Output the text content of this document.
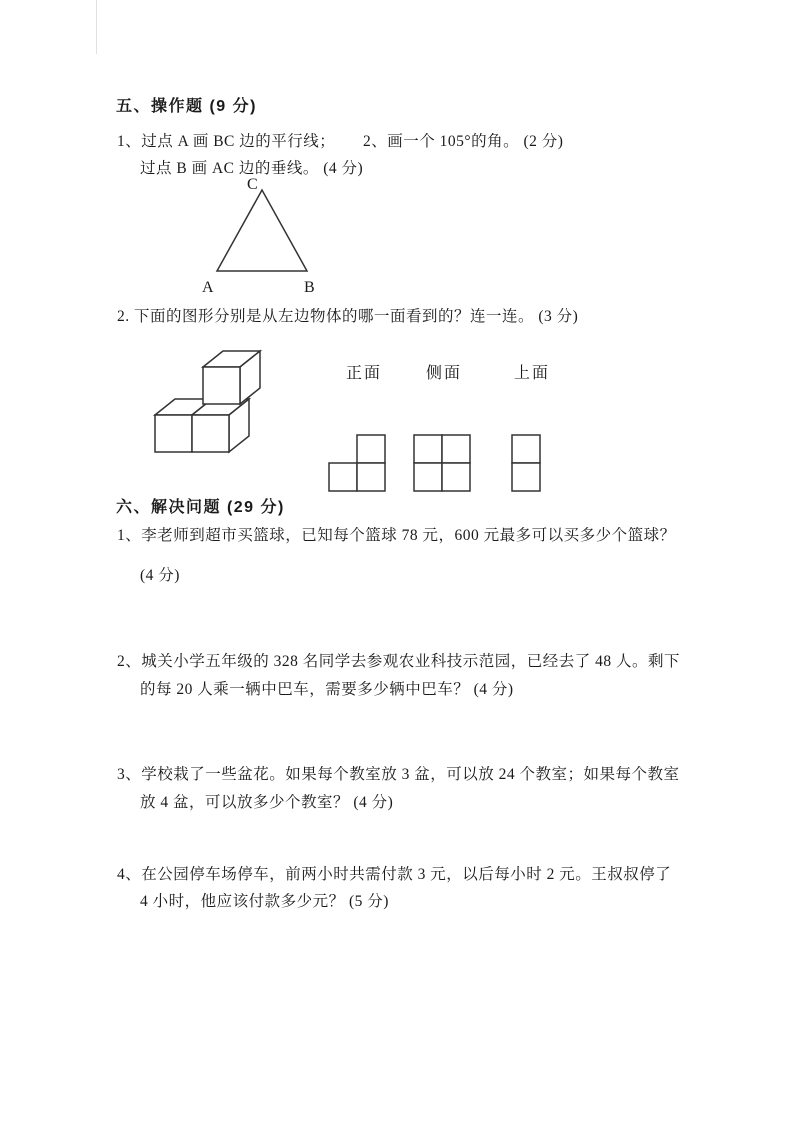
五、操作题 (9 分)
1、过点 A 画 BC 边的平行线； 2、画一个 105°的角。 (2 分)
过点 B 画 AC 边的垂线。 (4 分)
C
A	B
2. 下面的图形分别是从左边物体的哪一面看到的？连一连。 (3 分)
正面	侧面	上面
六、解决问题 (29 分)
1、李老师到超市买篮球，已知每个篮球 78 元，600 元最多可以买多少个篮球？
(4 分)
2、城关小学五年级的 328 名同学去参观农业科技示范园，已经去了 48 人。剩下
的每 20 人乘一辆中巴车，需要多少辆中巴车？ (4 分)
3、学校栽了一些盆花。如果每个教室放 3 盆，可以放 24 个教室；如果每个教室
放 4 盆，可以放多少个教室？ (4 分)
4、在公园停车场停车，前两小时共需付款 3 元，以后每小时 2 元。王叔叔停了
4 小时，他应该付款多少元？ (5 分)
